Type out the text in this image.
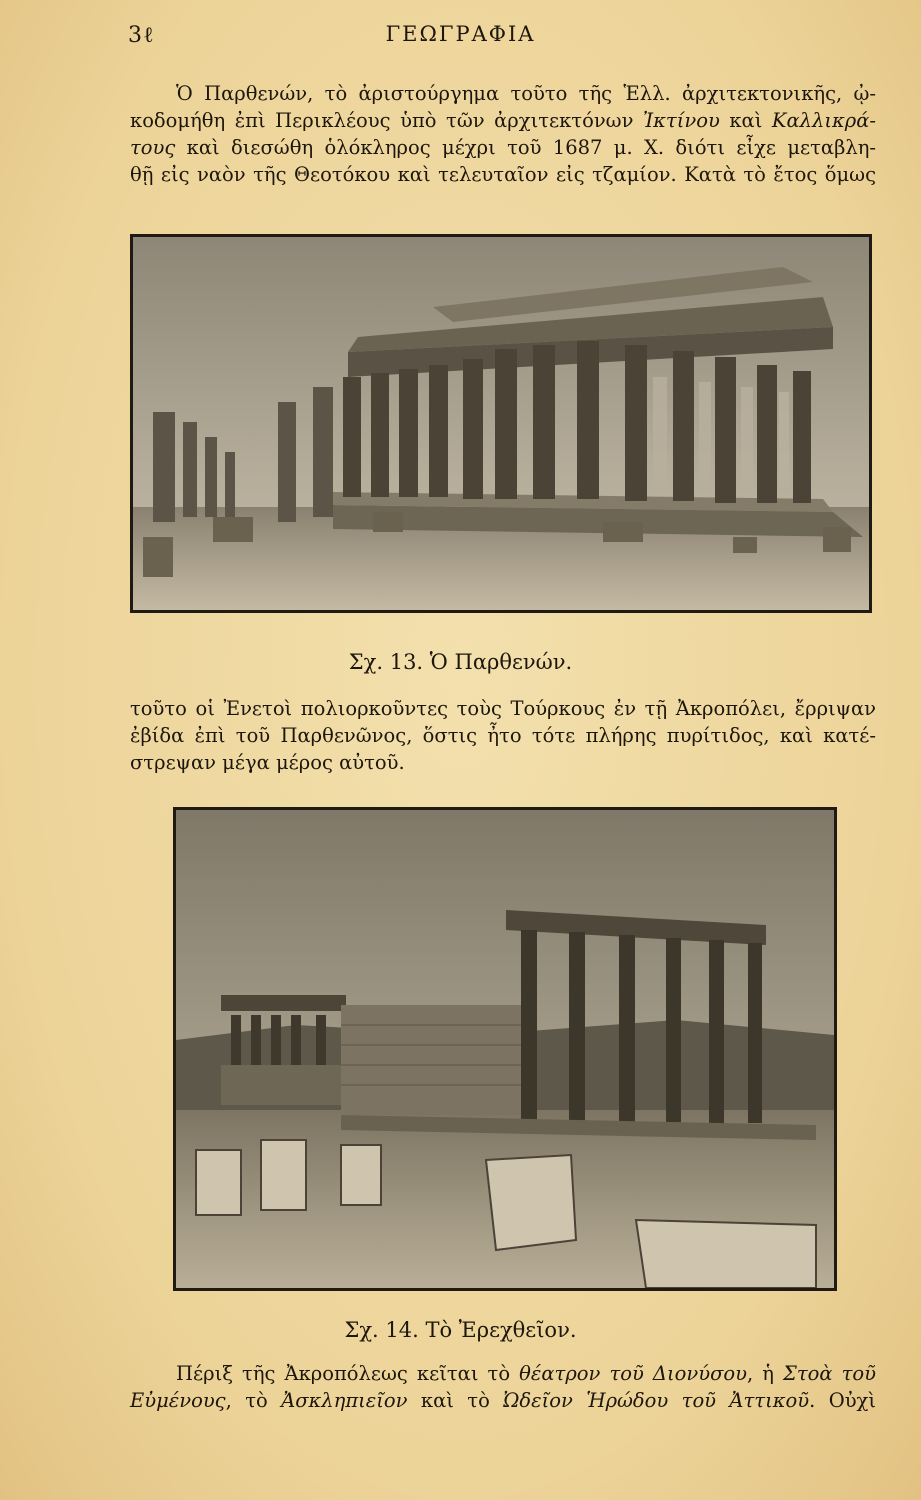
3ℓ	ΓΕΩΓΡΑΦΙΑ

Ὁ Παρθενών, τὸ ἀριστούργημα τοῦτο τῆς Ἑλλ. ἀρχιτεκτονικῆς, ᾠ-
κοδομήθη ἐπὶ Περικλέους ὑπὸ τῶν ἀρχιτεκτόνων Ἰκτίνου καὶ Καλλικρά-
τους καὶ διεσώθη ὁλόκληρος μέχρι τοῦ 1687 μ. Χ. διότι εἶχε μεταβλη-
θῇ εἰς ναὸν τῆς Θεοτόκου καὶ τελευταῖον εἰς τζαμίον. Κατὰ τὸ ἔτος ὅμως

Σχ. 13. Ὁ Παρθενών.

τοῦτο οἱ Ἐνετοὶ πολιορκοῦντες τοὺς Τούρκους ἐν τῇ Ἀκροπόλει, ἔρριψαν
ἐβίδα ἐπὶ τοῦ Παρθενῶνος, ὅστις ἦτο τότε πλήρης πυρίτιδος, καὶ κατέ-
στρεψαν μέγα μέρος αὐτοῦ.

Σχ. 14. Τὸ Ἐρεχθεῖον.

Πέριξ τῆς Ἀκροπόλεως κεῖται τὸ θέατρον τοῦ Διονύσου, ἡ Στοὰ τοῦ
Εὐμένους, τὸ Ἀσκληπιεῖον καὶ τὸ Ὠδεῖον Ἡρώδου τοῦ Ἀττικοῦ. Οὐχὶ
